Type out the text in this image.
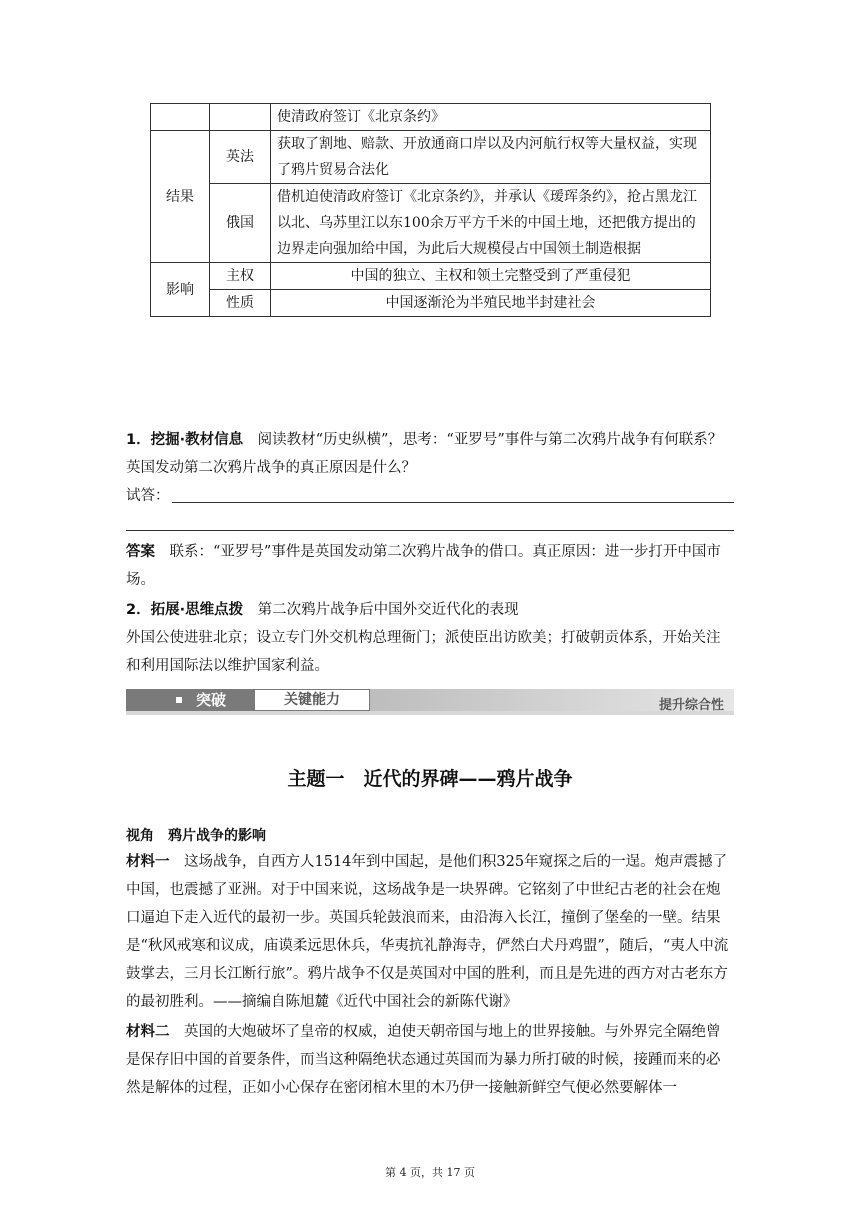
		使清政府签订《北京条约》
结果	英法	获取了割地、赔款、开放通商口岸以及内河航行权等大量权益，实现了鸦片贸易合法化
	俄国	借机迫使清政府签订《北京条约》，并承认《瑷珲条约》，抢占黑龙江以北、乌苏里江以东100余万平方千米的中国土地，还把俄方提出的边界走向强加给中国，为此后大规模侵占中国领土制造根据
影响	主权	中国的独立、主权和领土完整受到了严重侵犯
	性质	中国逐渐沦为半殖民地半封建社会
1．挖掘·教材信息　 阅读教材“历史纵横”，思考：“亚罗号”事件与第二次鸦片战争有何联系？英国发动第二次鸦片战争的真正原因是什么？
试答：
答案　 联系：“亚罗号”事件是英国发动第二次鸦片战争的借口。真正原因：进一步打开中国市场。
2．拓展·思维点拨　 第二次鸦片战争后中国外交近代化的表现
外国公使进驻北京；设立专门外交机构总理衙门；派使臣出访欧美；打破朝贡体系，开始关注和利用国际法以维护国家利益。
突破	关键能力	提升综合性
主题一　近代的界碑——鸦片战争
视角　鸦片战争的影响
材料一　 这场战争，自西方人1514年到中国起，是他们积325年窥探之后的一逞。炮声震撼了中国，也震撼了亚洲。对于中国来说，这场战争是一块界碑。它铭刻了中世纪古老的社会在炮口逼迫下走入近代的最初一步。英国兵轮鼓浪而来，由沿海入长江，撞倒了堡垒的一壁。结果是“秋风戒寒和议成，庙谟柔远思休兵，华夷抗礼静海寺，俨然白犬丹鸡盟”，随后，“夷人中流鼓掌去，三月长江断行旅”。鸦片战争不仅是英国对中国的胜利，而且是先进的西方对古老东方的最初胜利。——摘编自陈旭麓《近代中国社会的新陈代谢》
材料二　 英国的大炮破坏了皇帝的权威，迫使天朝帝国与地上的世界接触。与外界完全隔绝曾是保存旧中国的首要条件，而当这种隔绝状态通过英国而为暴力所打破的时候，接踵而来的必然是解体的过程，正如小心保存在密闭棺木里的木乃伊一接触新鲜空气便必然要解体一
第 4 页，共 17 页
